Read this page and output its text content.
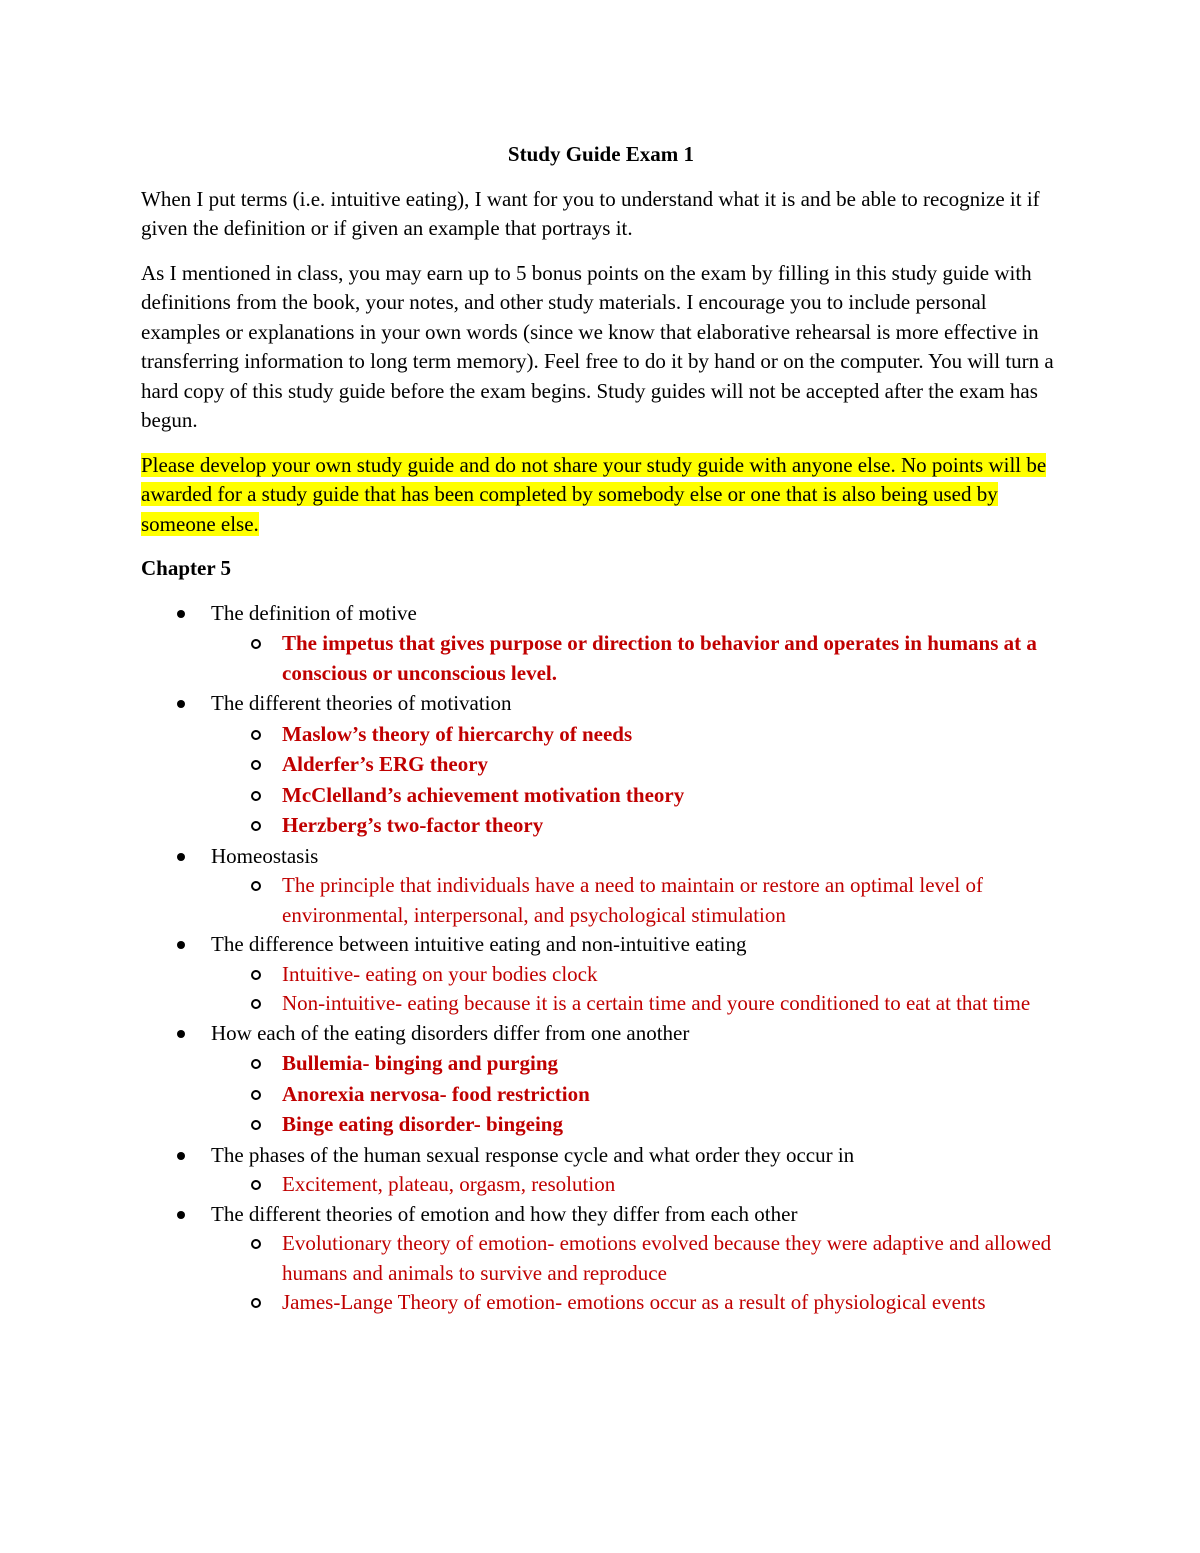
Study Guide Exam 1

When I put terms (i.e. intuitive eating), I want for you to understand what it is and be able to recognize it if given the definition or if given an example that portrays it.

As I mentioned in class, you may earn up to 5 bonus points on the exam by filling in this study guide with definitions from the book, your notes, and other study materials. I encourage you to include personal examples or explanations in your own words (since we know that elaborative rehearsal is more effective in transferring information to long term memory). Feel free to do it by hand or on the computer. You will turn a hard copy of this study guide before the exam begins. Study guides will not be accepted after the exam has begun.

Please develop your own study guide and do not share your study guide with anyone else. No points will be awarded for a study guide that has been completed by somebody else or one that is also being used by someone else.

Chapter 5
The definition of motive
The impetus that gives purpose or direction to behavior and operates in humans at a conscious or unconscious level.
The different theories of motivation
Maslow’s theory of hiercarchy of needs
Alderfer’s ERG theory
McClelland’s achievement motivation theory
Herzberg’s two-factor theory
Homeostasis
The principle that individuals have a need to maintain or restore an optimal level of environmental, interpersonal, and psychological stimulation
The difference between intuitive eating and non-intuitive eating
Intuitive- eating on your bodies clock
Non-intuitive- eating because it is a certain time and youre conditioned to eat at that time
How each of the eating disorders differ from one another
Bullemia- binging and purging
Anorexia nervosa- food restriction
Binge eating disorder- bingeing
The phases of the human sexual response cycle and what order they occur in
Excitement, plateau, orgasm, resolution
The different theories of emotion and how they differ from each other
Evolutionary theory of emotion- emotions evolved because they were adaptive and allowed humans and animals to survive and reproduce
James-Lange Theory of emotion- emotions occur as a result of physiological events
